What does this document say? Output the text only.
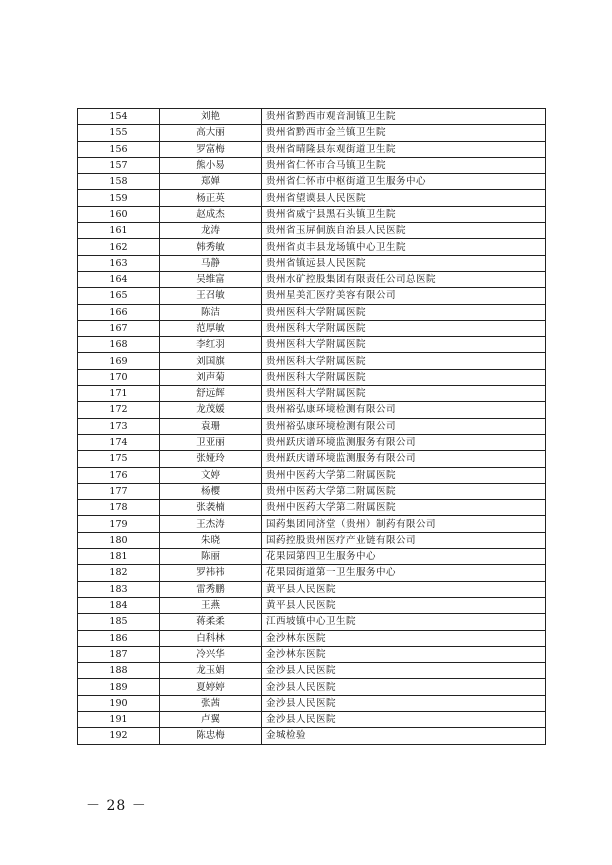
154	刘艳	贵州省黔西市观音洞镇卫生院
155	高大丽	贵州省黔西市金兰镇卫生院
156	罗富梅	贵州省晴隆县东观街道卫生院
157	熊小易	贵州省仁怀市合马镇卫生院
158	郑婵	贵州省仁怀市中枢街道卫生服务中心
159	杨正英	贵州省望谟县人民医院
160	赵成杰	贵州省威宁县黑石头镇卫生院
161	龙涛	贵州省玉屏侗族自治县人民医院
162	韩秀敏	贵州省贞丰县龙场镇中心卫生院
163	马静	贵州省镇远县人民医院
164	吴维富	贵州水矿控股集团有限责任公司总医院
165	王召敏	贵州星美汇医疗美容有限公司
166	陈洁	贵州医科大学附属医院
167	范厚敏	贵州医科大学附属医院
168	李红羽	贵州医科大学附属医院
169	刘国旗	贵州医科大学附属医院
170	刘声菊	贵州医科大学附属医院
171	舒远辉	贵州医科大学附属医院
172	龙茂媛	贵州裕弘康环境检测有限公司
173	袁珊	贵州裕弘康环境检测有限公司
174	卫亚丽	贵州跃庆谱环境监测服务有限公司
175	张娅玲	贵州跃庆谱环境监测服务有限公司
176	文婷	贵州中医药大学第二附属医院
177	杨樱	贵州中医药大学第二附属医院
178	张袭楠	贵州中医药大学第二附属医院
179	王杰涛	国药集团同济堂（贵州）制药有限公司
180	朱晓	国药控股贵州医疗产业链有限公司
181	陈丽	花果园第四卫生服务中心
182	罗祎祎	花果园街道第一卫生服务中心
183	雷秀鹏	黄平县人民医院
184	王燕	黄平县人民医院
185	蒋柔柔	江西坡镇中心卫生院
186	白科林	金沙林东医院
187	冷兴华	金沙林东医院
188	龙玉娟	金沙县人民医院
189	夏婷婷	金沙县人民医院
190	张茜	金沙县人民医院
191	卢翼	金沙县人民医院
192	陈忠梅	金城检验
－ 28 －
